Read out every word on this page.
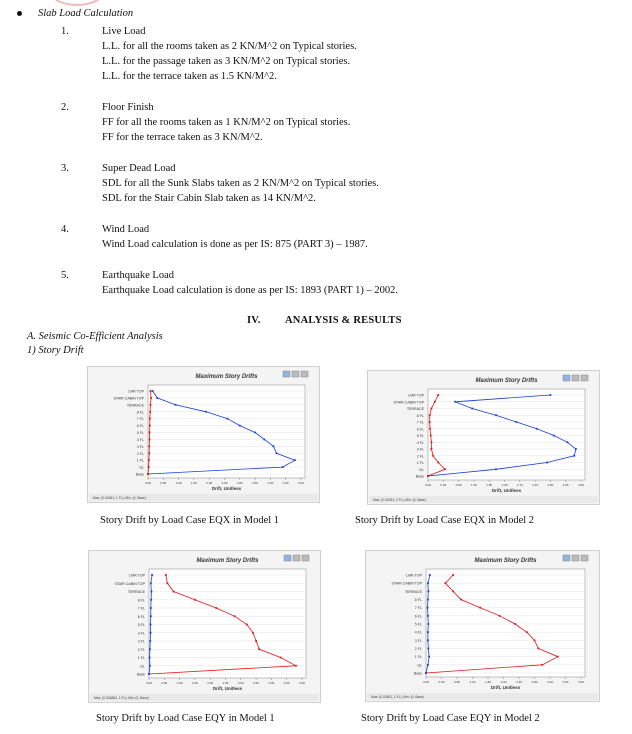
Slab Load Calculation
1.	Live Load
L.L. for all the rooms taken as 2 KN/M^2 on Typical stories.
L.L. for the passage taken as 3 KN/M^2 on Typical stories.
L.L. for the terrace taken as 1.5 KN/M^2.
2.	Floor Finish
FF for all the rooms taken as 1 KN/M^2 on Typical stories.
FF for the terrace taken as 3 KN/M^2.
3.	Super Dead Load
SDL for all the Sunk Slabs taken as 2 KN/M^2 on Typical stories.
SDL for the Stair Cabin Slab taken as 14 KN/M^2.
4.	Wind Load
Wind Load calculation is done as per IS: 875 (PART 3) – 1987.
5.	Earthquake Load
Earthquake Load calculation is done as per IS: 1893 (PART 1) – 2002.
IV. ANALYSIS & RESULTS
A. Seismic Co-Efficient Analysis
1) Story Drift
Maximum Story Drifts
Base
GL
1 FL
2 FL
3 FL
4 FL
5 FL
6 FL
7 FL
8 FL
TERRACE
STAIR CABIN TOP
LMR TOP
0.00	0.50	1.00	1.50	2.00	2.50	3.00	3.50	4.00	4.50	5.00
Drift, Unitless
Max: (0.00481, 1 FL); Min: (0, Base)
Maximum Story Drifts
Base
GL
1 FL
2 FL
3 FL
4 FL
5 FL
6 FL
7 FL
8 FL
TERRACE
STAIR CABIN TOP
LMR TOP
0.00	0.45	0.90	1.35	1.80	2.25	2.70	3.15	3.60	4.05	4.50
Drift, Unitless
Max: (0.00434, 2 FL); Min: (0, Base)
Maximum Story Drifts
Base
GL
1 FL
2 FL
3 FL
4 FL
5 FL
6 FL
7 FL
8 FL
TERRACE
STAIR CABIN TOP
LMR TOP
0.00	0.50	1.00	1.50	2.00	2.50	3.00	3.50	4.00	4.50	5.00
Drift, Unitless
Max: (0.004884, 1 FL); Min: (0, Base)
Maximum Story Drifts
Base
GL
1 FL
2 FL
3 FL
4 FL
5 FL
6 FL
7 FL
8 FL
TERRACE
STAIR CABIN TOP
LMR TOP
0.00	0.40	0.80	1.20	1.60	2.00	2.40	2.80	3.20	3.60	4.00
Drift, Unitless
Max: (0.00501, 1 FL); Min: (0, Base)
Story Drift by Load Case EQX in Model 1	Story Drift by Load Case EQX in Model 2
Story Drift by Load Case EQY in Model 1	Story Drift by Load Case EQY in Model 2
